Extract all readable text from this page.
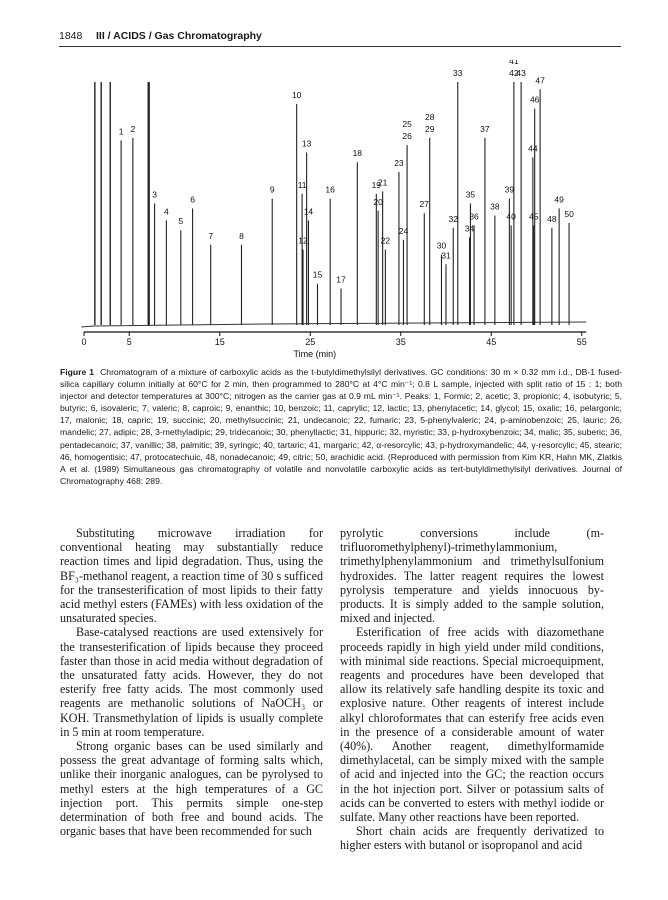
1848 III / ACIDS / Gas Chromatography
1 2
3
4
5
6
7	8
9
10
11
12
13
14
15
16
17
18
19
20
21
22
23
24
25
26
27
28
29
30
31
32
33
34
35
36
37
38
39
40
41
42
43
44
45
46
47
48
49
50
0	5	15	25	35	45	55
Time (min)
Figure 1 Chromatogram of a mixture of carboxylic acids as the t-butyldimethylsilyl derivatives. GC conditions: 30 m × 0.32 mm i.d., DB-1 fused-silica capillary column initially at 60°C for 2 min, then programmed to 280°C at 4°C min⁻¹; 0.8 L sample, injected with split ratio of 15 : 1; both injector and detector temperatures at 300°C; nitrogen as the carrier gas at 0.9 mL min⁻¹. Peaks: 1, Formic; 2, acetic; 3, propionic; 4, isobutyric; 5, butyric; 6, isovaleric; 7, valeric; 8, caproic; 9, enanthic; 10, benzoic; 11, caprylic; 12, lactic; 13, phenylacetic; 14, glycol; 15, oxalic; 16, pelargonic; 17, malonic; 18, capric; 19, succinic; 20, methylsuccinic; 21, undecanoic; 22, fumaric; 23, 5-phenylvaleric; 24, p-aminobenzoic; 25, lauric; 26, mandelic; 27, adipic; 28, 3-methyladipic; 29, tridecanoic; 30, phenyllactic; 31, hippuric; 32, myristic; 33, p-hydroxybenzoic; 34, malic; 35, suberic; 36, pentadecanoic; 37, vanillic; 38, palmitic; 39, syringic; 40, tartaric; 41, margaric; 42, α-resorcylic; 43, p-hydroxymandelic; 44, γ-resorcylic; 45, stearic; 46, homogentisic; 47, protocatechuic, 48, nonadecanoic; 49, citric; 50, arachidic acid. (Reproduced with permission from Kim KR, Hahn MK, Zlatkis A et al. (1989) Simultaneous gas chromatography of volatile and nonvolatile carboxylic acids as tert-butyldimethylsilyl derivatives. Journal of Chromatography 468: 289.

Substituting microwave irradiation for conventional heating may substantially reduce reaction times and lipid degradation. Thus, using the BF₃-methanol reagent, a reaction time of 30 s sufficed for the transesterification of most lipids to their fatty acid methyl esters (FAMEs) with less oxidation of the unsaturated species.

Base-catalysed reactions are used extensively for the transesterification of lipids because they proceed faster than those in acid media without degradation of the unsaturated fatty acids. However, they do not esterify free fatty acids. The most commonly used reagents are methanolic solutions of NaOCH₃ or KOH. Transmethylation of lipids is usually complete in 5 min at room temperature.

Strong organic bases can be used similarly and possess the great advantage of forming salts which, unlike their inorganic analogues, can be pyrolysed to methyl esters at the high temperatures of a GC injection port. This permits simple one-step determination of both free and bound acids. The organic bases that have been recommended for such

pyrolytic conversions include (m-trifluoromethylphenyl)-trimethylammonium, trimethylphenylammonium and trimethylsulfonium hydroxides. The latter reagent requires the lowest pyrolysis temperature and yields innocuous by-products. It is simply added to the sample solution, mixed and injected.

Esterification of free acids with diazomethane proceeds rapidly in high yield under mild conditions, with minimal side reactions. Special microequipment, reagents and procedures have been developed that allow its relatively safe handling despite its toxic and explosive nature. Other reagents of interest include alkyl chloroformates that can esterify free acids even in the presence of a considerable amount of water (40%). Another reagent, dimethylformamide dimethylacetal, can be simply mixed with the sample of acid and injected into the GC; the reaction occurs in the hot injection port. Silver or potassium salts of acids can be converted to esters with methyl iodide or sulfate. Many other reactions have been reported.

Short chain acids are frequently derivatized to higher esters with butanol or isopropanol and acid
